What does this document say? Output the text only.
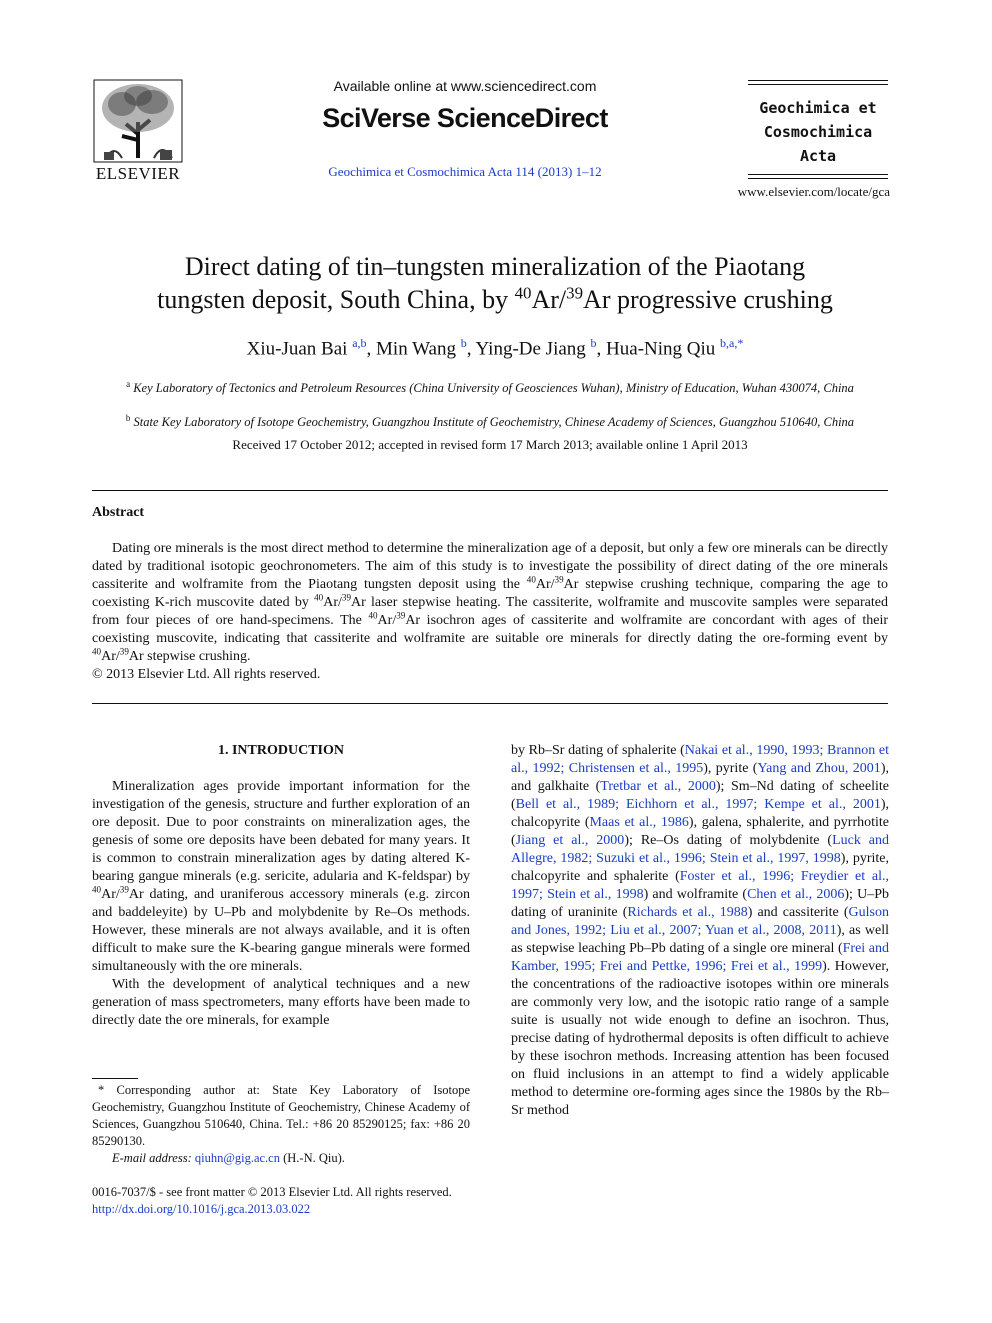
ELSEVIER
Available online at www.sciencedirect.com
SciVerse ScienceDirect
Geochimica et Cosmochimica Acta 114 (2013) 1–12
Geochimica et
Cosmochimica
Acta
www.elsevier.com/locate/gca
Direct dating of tin–tungsten mineralization of the Piaotang
tungsten deposit, South China, by $^{40}$Ar/$^{39}$Ar progressive crushing
Xiu-Juan Bai $^{a,b}$, Min Wang $^b$, Ying-De Jiang $^b$, Hua-Ning Qiu $^{b,a,*}$
$^a$ Key Laboratory of Tectonics and Petroleum Resources (China University of Geosciences Wuhan), Ministry of Education, Wuhan 430074, China
$^b$ State Key Laboratory of Isotope Geochemistry, Guangzhou Institute of Geochemistry, Chinese Academy of Sciences, Guangzhou 510640, China
Received 17 October 2012; accepted in revised form 17 March 2013; available online 1 April 2013
Abstract

Dating ore minerals is the most direct method to determine the mineralization age of a deposit, but only a few ore minerals can be directly dated by traditional isotopic geochronometers. The aim of this study is to investigate the possibility of direct dating of the ore minerals cassiterite and wolframite from the Piaotang tungsten deposit using the $^{40}$Ar/$^{39}$Ar stepwise crushing technique, comparing the age to coexisting K-rich muscovite dated by $^{40}$Ar/$^{39}$Ar laser stepwise heating. The cassiterite, wolframite and muscovite samples were separated from four pieces of ore hand-specimens. The $^{40}$Ar/$^{39}$Ar isochron ages of cassiterite and wolframite are concordant with ages of their coexisting muscovite, indicating that cassiterite and wolframite are suitable ore minerals for directly dating the ore-forming event by $^{40}$Ar/$^{39}$Ar stepwise crushing.

© 2013 Elsevier Ltd. All rights reserved.
1. INTRODUCTION

Mineralization ages provide important information for the investigation of the genesis, structure and further exploration of an ore deposit. Due to poor constraints on mineralization ages, the genesis of some ore deposits have been debated for many years. It is common to constrain mineralization ages by dating altered K-bearing gangue minerals (e.g. sericite, adularia and K-feldspar) by $^{40}$Ar/$^{39}$Ar dating, and uraniferous accessory minerals (e.g. zircon and baddeleyite) by U–Pb and molybdenite by Re–Os methods. However, these minerals are not always available, and it is often difficult to make sure the K-bearing gangue minerals were formed simultaneously with the ore minerals.

With the development of analytical techniques and a new generation of mass spectrometers, many efforts have been made to directly date the ore minerals, for example

by Rb–Sr dating of sphalerite (Nakai et al., 1990, 1993; Brannon et al., 1992; Christensen et al., 1995), pyrite (Yang and Zhou, 2001), and galkhaite (Tretbar et al., 2000); Sm–Nd dating of scheelite (Bell et al., 1989; Eichhorn et al., 1997; Kempe et al., 2001), chalcopyrite (Maas et al., 1986), galena, sphalerite, and pyrrhotite (Jiang et al., 2000); Re–Os dating of molybdenite (Luck and Allegre, 1982; Suzuki et al., 1996; Stein et al., 1997, 1998), pyrite, chalcopyrite and sphalerite (Foster et al., 1996; Freydier et al., 1997; Stein et al., 1998) and wolframite (Chen et al., 2006); U–Pb dating of uraninite (Richards et al., 1988) and cassiterite (Gulson and Jones, 1992; Liu et al., 2007; Yuan et al., 2008, 2011), as well as stepwise leaching Pb–Pb dating of a single ore mineral (Frei and Kamber, 1995; Frei and Pettke, 1996; Frei et al., 1999). However, the concentrations of the radioactive isotopes within ore minerals are commonly very low, and the isotopic ratio range of a sample suite is usually not wide enough to define an isochron. Thus, precise dating of hydrothermal deposits is often difficult to achieve by these isochron methods. Increasing attention has been focused on fluid inclusions in an attempt to find a widely applicable method to determine ore-forming ages since the 1980s by the Rb–Sr method

* Corresponding author at: State Key Laboratory of Isotope Geochemistry, Guangzhou Institute of Geochemistry, Chinese Academy of Sciences, Guangzhou 510640, China. Tel.: +86 20 85290125; fax: +86 20 85290130.

E-mail address: qiuhn@gig.ac.cn (H.-N. Qiu).

0016-7037/$ - see front matter © 2013 Elsevier Ltd. All rights reserved.
http://dx.doi.org/10.1016/j.gca.2013.03.022
